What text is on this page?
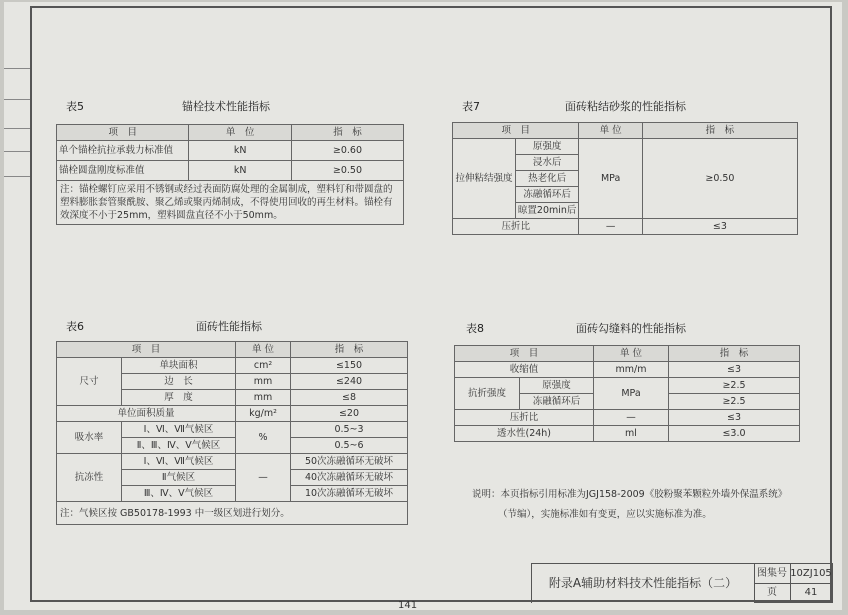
表5	锚栓技术性能指标
项　目	单　位	指　标
单个锚栓抗拉承载力标准值	kN	≥0.60
锚栓圆盘刚度标准值	kN	≥0.50
注：锚栓螺钉应采用不锈钢或经过表面防腐处理的金属制成，塑料钉和带圆盘的塑料膨胀套管聚酰胺、聚乙烯或聚丙烯制成，不得使用回收的再生材料。锚栓有效深度不小于25mm，塑料圆盘直径不小于50mm。		
表7	面砖粘结砂浆的性能指标
项　目		单 位	指　标
拉伸粘结强度	原强度	MPa	≥0.50
	浸水后		
	热老化后		
	冻融循环后		
	晾置20min后		
压折比		—	≤3
表6	面砖性能指标
项　目		单 位	指　标
尺寸	单块面积	cm²	≤150
	边　长	mm	≤240
	厚　度	mm	≤8
单位面积质量		kg/m²	≤20
吸水率	Ⅰ、Ⅵ、Ⅶ气候区	%	0.5~3
	Ⅱ、Ⅲ、Ⅳ、Ⅴ气候区		0.5~6
抗冻性	Ⅰ、Ⅵ、Ⅶ气候区	—	50次冻融循环无破坏
	Ⅱ气候区		40次冻融循环无破坏
	Ⅲ、Ⅳ、Ⅴ气候区		10次冻融循环无破坏
注：气候区按 GB50178-1993 中一级区划进行划分。			
表8	面砖勾缝料的性能指标
项　目		单 位	指　标
收缩值		mm/m	≤3
抗折强度	原强度	MPa	≥2.5
	冻融循环后		≥2.5
压折比		—	≤3
透水性(24h)		ml	≤3.0
说明：本页指标引用标准为JGJ158-2009《胶粉聚苯颗粒外墙外保温系统》
（节编），实施标准如有变更，应以实施标准为准。
附录A辅助材料技术性能指标（二）
图集号 10ZJ105
页	41
141
